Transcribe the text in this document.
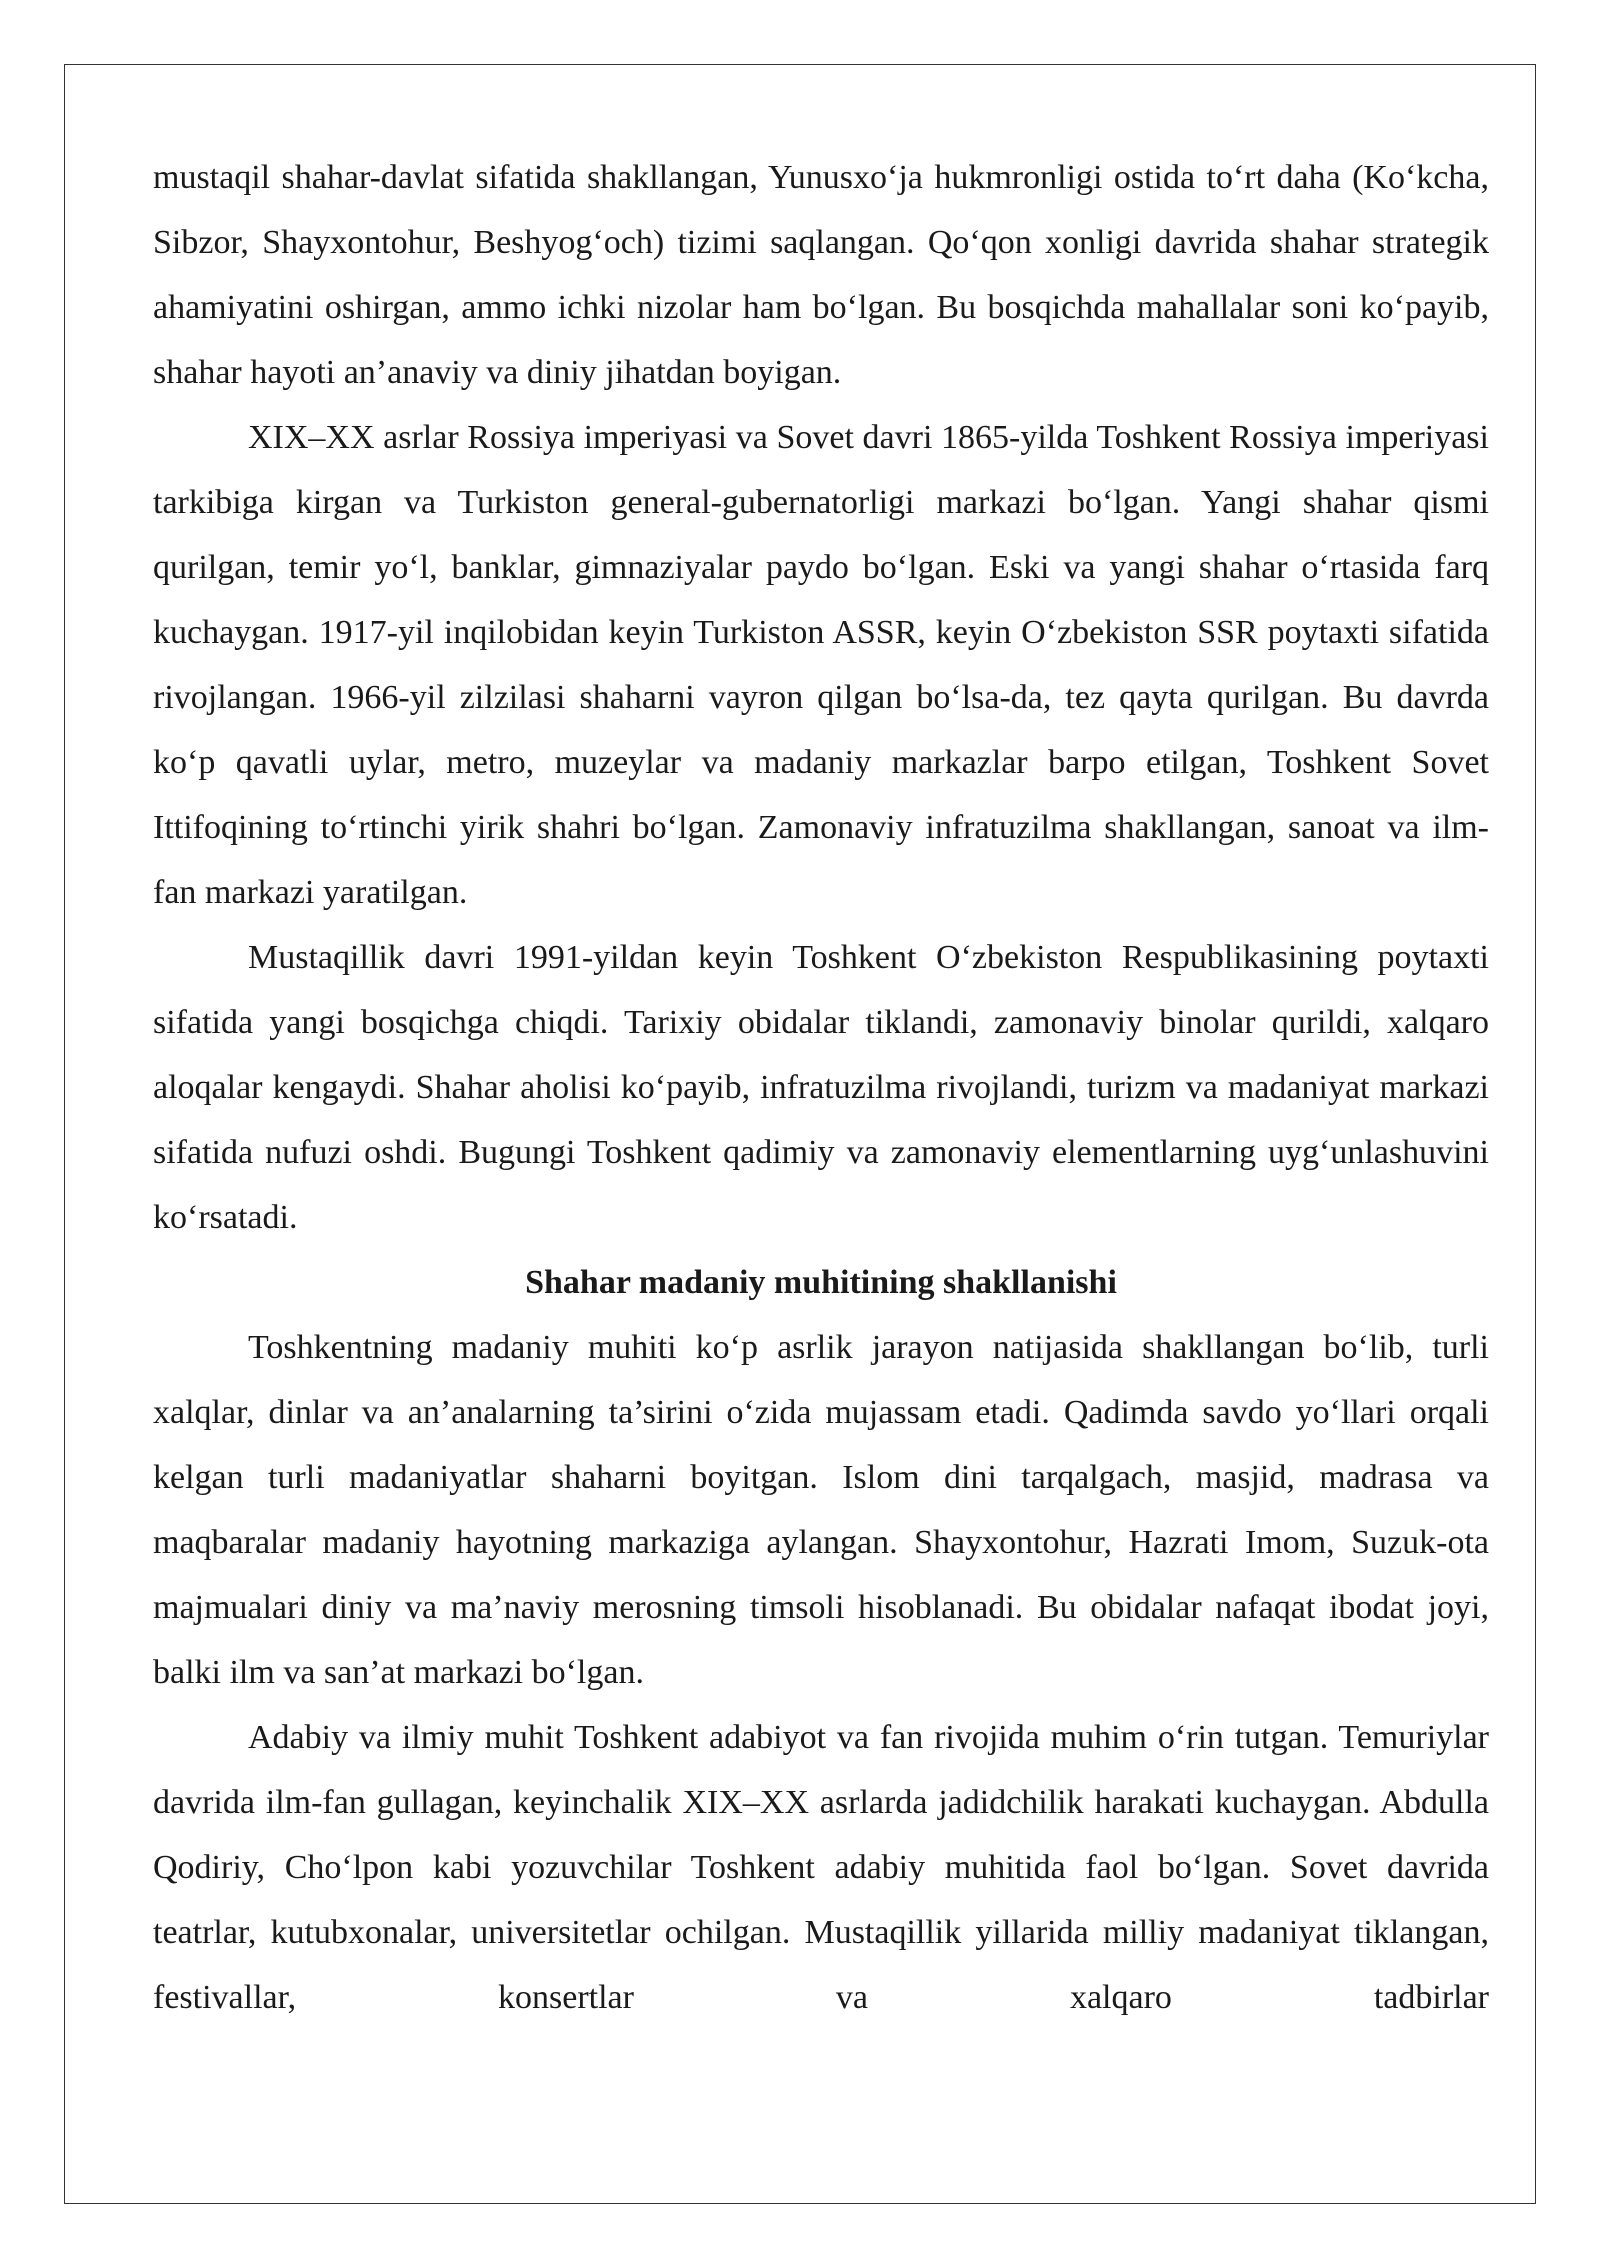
mustaqil shahar-davlat sifatida shakllangan, Yunusxo‘ja hukmronligi ostida to‘rt daha (Ko‘kcha, Sibzor, Shayxontohur, Beshyog‘och) tizimi saqlangan. Qo‘qon xonligi davrida shahar strategik ahamiyatini oshirgan, ammo ichki nizolar ham bo‘lgan. Bu bosqichda mahallalar soni ko‘payib, shahar hayoti an’anaviy va diniy jihatdan boyigan.

XIX–XX asrlar Rossiya imperiyasi va Sovet davri 1865-yilda Toshkent Rossiya imperiyasi tarkibiga kirgan va Turkiston general-gubernatorligi markazi bo‘lgan. Yangi shahar qismi qurilgan, temir yo‘l, banklar, gimnaziyalar paydo bo‘lgan. Eski va yangi shahar o‘rtasida farq kuchaygan. 1917-yil inqilobidan keyin Turkiston ASSR, keyin O‘zbekiston SSR poytaxti sifatida rivojlangan. 1966-yil zilzilasi shaharni vayron qilgan bo‘lsa-da, tez qayta qurilgan. Bu davrda ko‘p qavatli uylar, metro, muzeylar va madaniy markazlar barpo etilgan, Toshkent Sovet Ittifoqining to‘rtinchi yirik shahri bo‘lgan. Zamonaviy infratuzilma shakllangan, sanoat va ilm-fan markazi yaratilgan.

Mustaqillik davri 1991-yildan keyin Toshkent O‘zbekiston Respublikasining poytaxti sifatida yangi bosqichga chiqdi. Tarixiy obidalar tiklandi, zamonaviy binolar qurildi, xalqaro aloqalar kengaydi. Shahar aholisi ko‘payib, infratuzilma rivojlandi, turizm va madaniyat markazi sifatida nufuzi oshdi. Bugungi Toshkent qadimiy va zamonaviy elementlarning uyg‘unlashuvini ko‘rsatadi.

Shahar madaniy muhitining shakllanishi

Toshkentning madaniy muhiti ko‘p asrlik jarayon natijasida shakllangan bo‘lib, turli xalqlar, dinlar va an’analarning ta’sirini o‘zida mujassam etadi. Qadimda savdo yo‘llari orqali kelgan turli madaniyatlar shaharni boyitgan. Islom dini tarqalgach, masjid, madrasa va maqbaralar madaniy hayotning markaziga aylangan. Shayxontohur, Hazrati Imom, Suzuk-ota majmualari diniy va ma’naviy merosning timsoli hisoblanadi. Bu obidalar nafaqat ibodat joyi, balki ilm va san’at markazi bo‘lgan.

Adabiy va ilmiy muhit Toshkent adabiyot va fan rivojida muhim o‘rin tutgan. Temuriylar davrida ilm-fan gullagan, keyinchalik XIX–XX asrlarda jadidchilik harakati kuchaygan. Abdulla Qodiriy, Cho‘lpon kabi yozuvchilar Toshkent adabiy muhitida faol bo‘lgan. Sovet davrida teatrlar, kutubxonalar, universitetlar ochilgan. Mustaqillik yillarida milliy madaniyat tiklangan, festivallar, konsertlar va xalqaro tadbirlar
